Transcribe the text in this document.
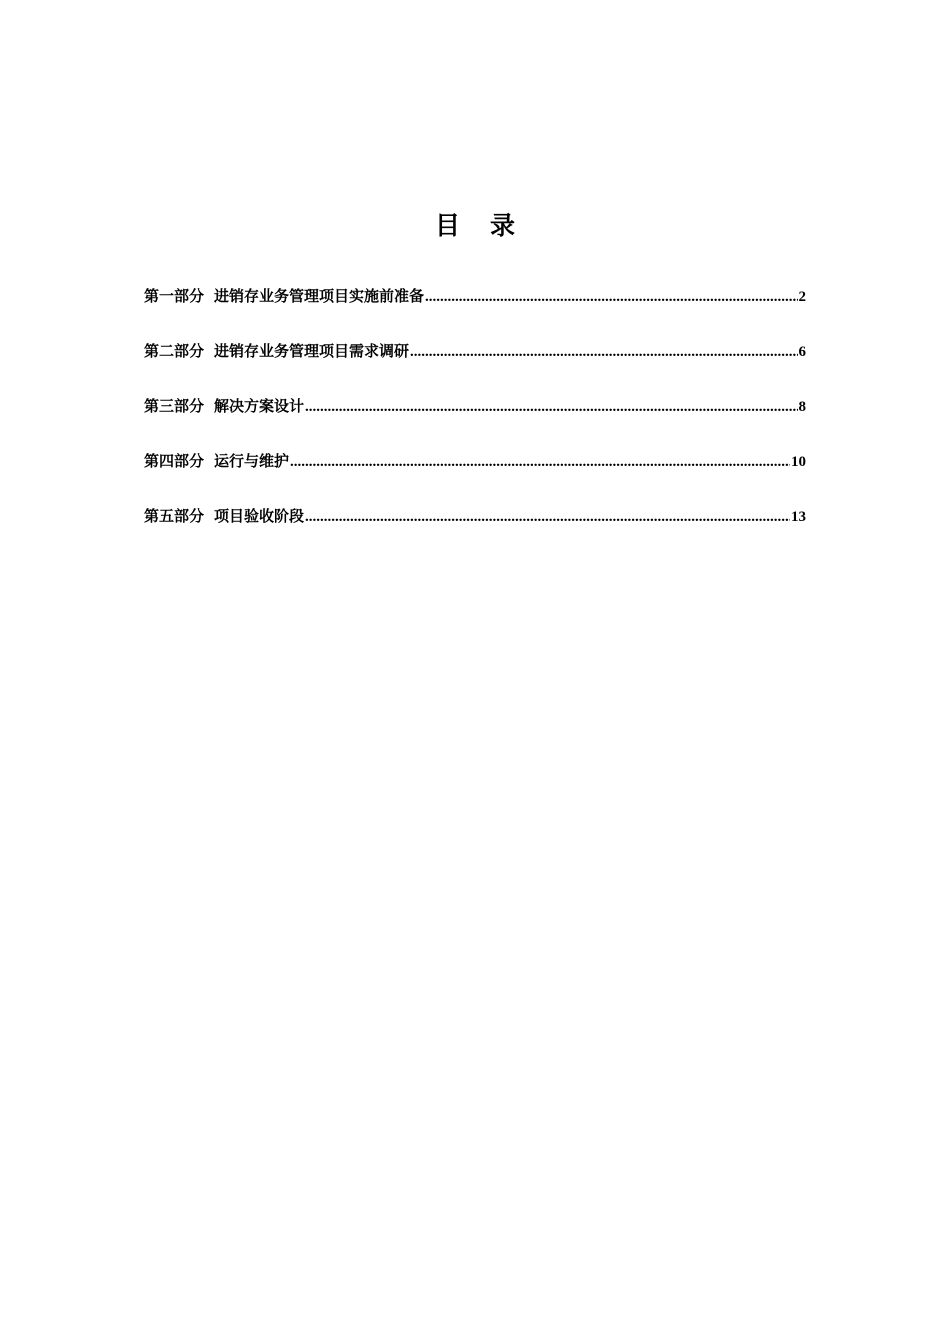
目录
第一部分 进销存业务管理项目实施前准备 .....	2
第二部分 进销存业务管理项目需求调研 .....	6
第三部分 解决方案设计 .....	8
第四部分 运行与维护 .....	10
第五部分 项目验收阶段 .....	13
